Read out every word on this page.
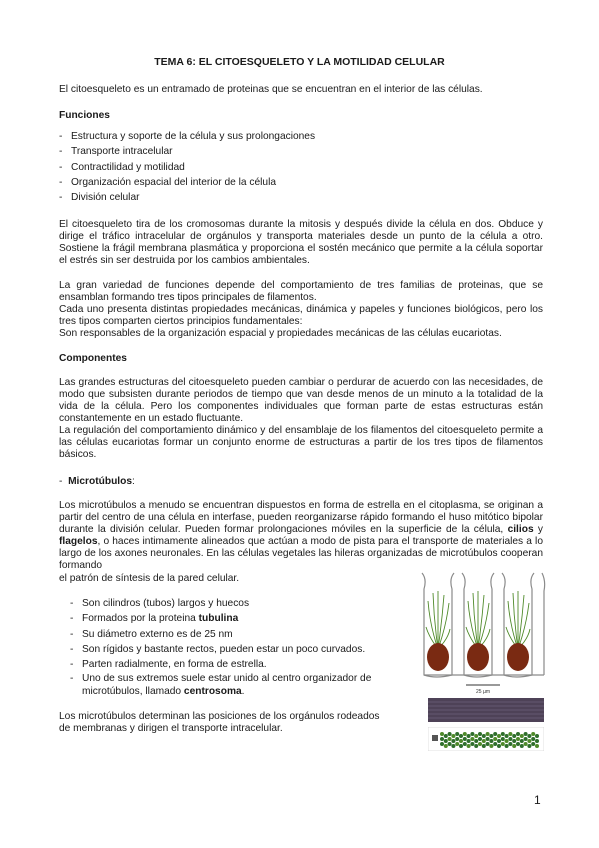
TEMA 6: EL CITOESQUELETO Y LA MOTILIDAD CELULAR
El citoesqueleto es un entramado de proteinas que se encuentran en el interior de las células.
Funciones
- Estructura y soporte de la célula y sus prolongaciones
- Transporte intracelular
- Contractilidad y motilidad
- Organización espacial del interior de la célula
- División celular
El citoesqueleto tira de los cromosomas durante la mitosis y después divide la célula en dos. Obduce y dirige el tráfico intracelular de orgánulos y transporta materiales desde un punto de la célula a otro. Sostiene la frágil membrana plasmática y proporciona el sostén mecánico que permite a la célula soportar el estrés sin ser destruida por los cambios ambientales.
La gran variedad de funciones depende del comportamiento de tres familias de proteinas, que se ensamblan formando tres tipos principales de filamentos.
Cada uno presenta distintas propiedades mecánicas, dinámica y papeles y funciones biológicos, pero los tres tipos comparten ciertos principios fundamentales:
Son responsables de la organización espacial y propiedades mecánicas de las células eucariotas.
Componentes
Las grandes estructuras del citoesqueleto pueden cambiar o perdurar de acuerdo con las necesidades, de modo que subsisten durante periodos de tiempo que van desde menos de un minuto a la totalidad de la vida de la célula. Pero los componentes individuales que forman parte de estas estructuras están constantemente en un estado fluctuante.
La regulación del comportamiento dinámico y del ensamblaje de los filamentos del citoesqueleto permite a las células eucariotas formar un conjunto enorme de estructuras a partir de los tres tipos de filamentos básicos.
-  Microtúbulos:
Los microtúbulos a menudo se encuentran dispuestos en forma de estrella en el citoplasma, se originan a partir del centro de una célula en interfase, pueden reorganizarse rápido formando el huso mitótico bipolar durante la división celular. Pueden formar prolongaciones móviles en la superficie de la célula, cilios y flagelos, o haces intimamente alineados que actúan a modo de pista para el transporte de materiales a lo largo de los axones neuronales. En las células vegetales las hileras organizadas de microtúbulos cooperan formando
el patrón de síntesis de la pared celular.
- Son cilindros (tubos) largos y huecos
- Formados por la proteina tubulina
- Su diámetro externo es de 25 nm
- Son rígidos y bastante rectos, pueden estar un poco curvados.
- Parten radialmente, en forma de estrella.
- Uno de sus extremos suele estar unido al centro organizador de
microtúbulos, llamado centrosoma.
Los microtúbulos determinan las posiciones de los orgánulos rodeados
de membranas y dirigen el transporte intracelular.
25 µm
1
